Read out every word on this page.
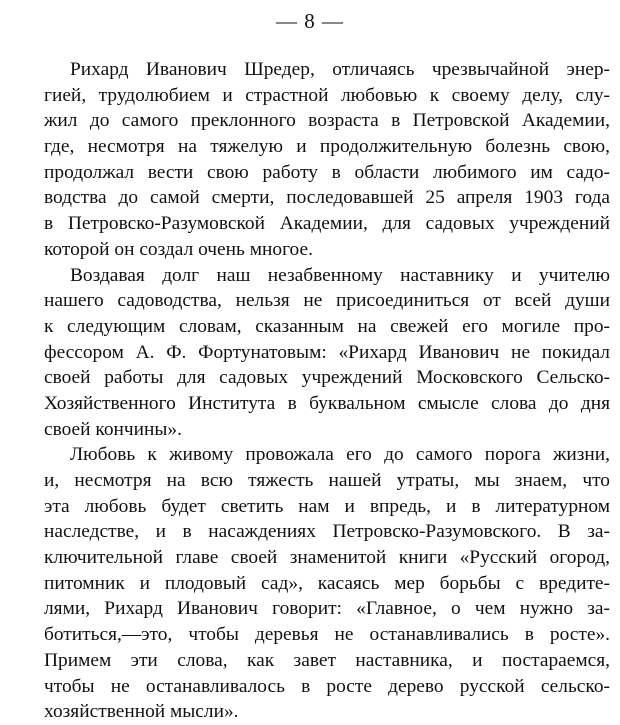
— 8 —
Рихард Иванович Шредер, отличаясь чрезвычайной энер-
гией, трудолюбием и страстной любовью к своему делу, слу-
жил до самого преклонного возраста в Петровской Академии,
где, несмотря на тяжелую и продолжительную болезнь свою,
продолжал вести свою работу в области любимого им садо-
водства до самой смерти, последовавшей 25 апреля 1903 года
в Петровско-Разумовской Академии, для садовых учреждений
которой он создал очень многое.
Воздавая долг наш незабвенному наставнику и учителю
нашего садоводства, нельзя не присоединиться от всей души
к следующим словам, сказанным на свежей его могиле про-
фессором А. Ф. Фортунатовым: «Рихард Иванович не покидал
своей работы для садовых учреждений Московского Сельско-
Хозяйственного Института в буквальном смысле слова до дня
своей кончины».
Любовь к живому провожала его до самого порога жизни,
и, несмотря на всю тяжесть нашей утраты, мы знаем, что
эта любовь будет светить нам и впредь, и в литературном
наследстве, и в насаждениях Петровско-Разумовского. В за-
ключительной главе своей знаменитой книги «Русский огород,
питомник и плодовый сад», касаясь мер борьбы с вредите-
лями, Рихард Иванович говорит: «Главное, о чем нужно за-
ботиться,—это, чтобы деревья не останавливались в росте».
Примем эти слова, как завет наставника, и постараемся,
чтобы не останавливалось в росте дерево русской сельско-
хозяйственной мысли».
